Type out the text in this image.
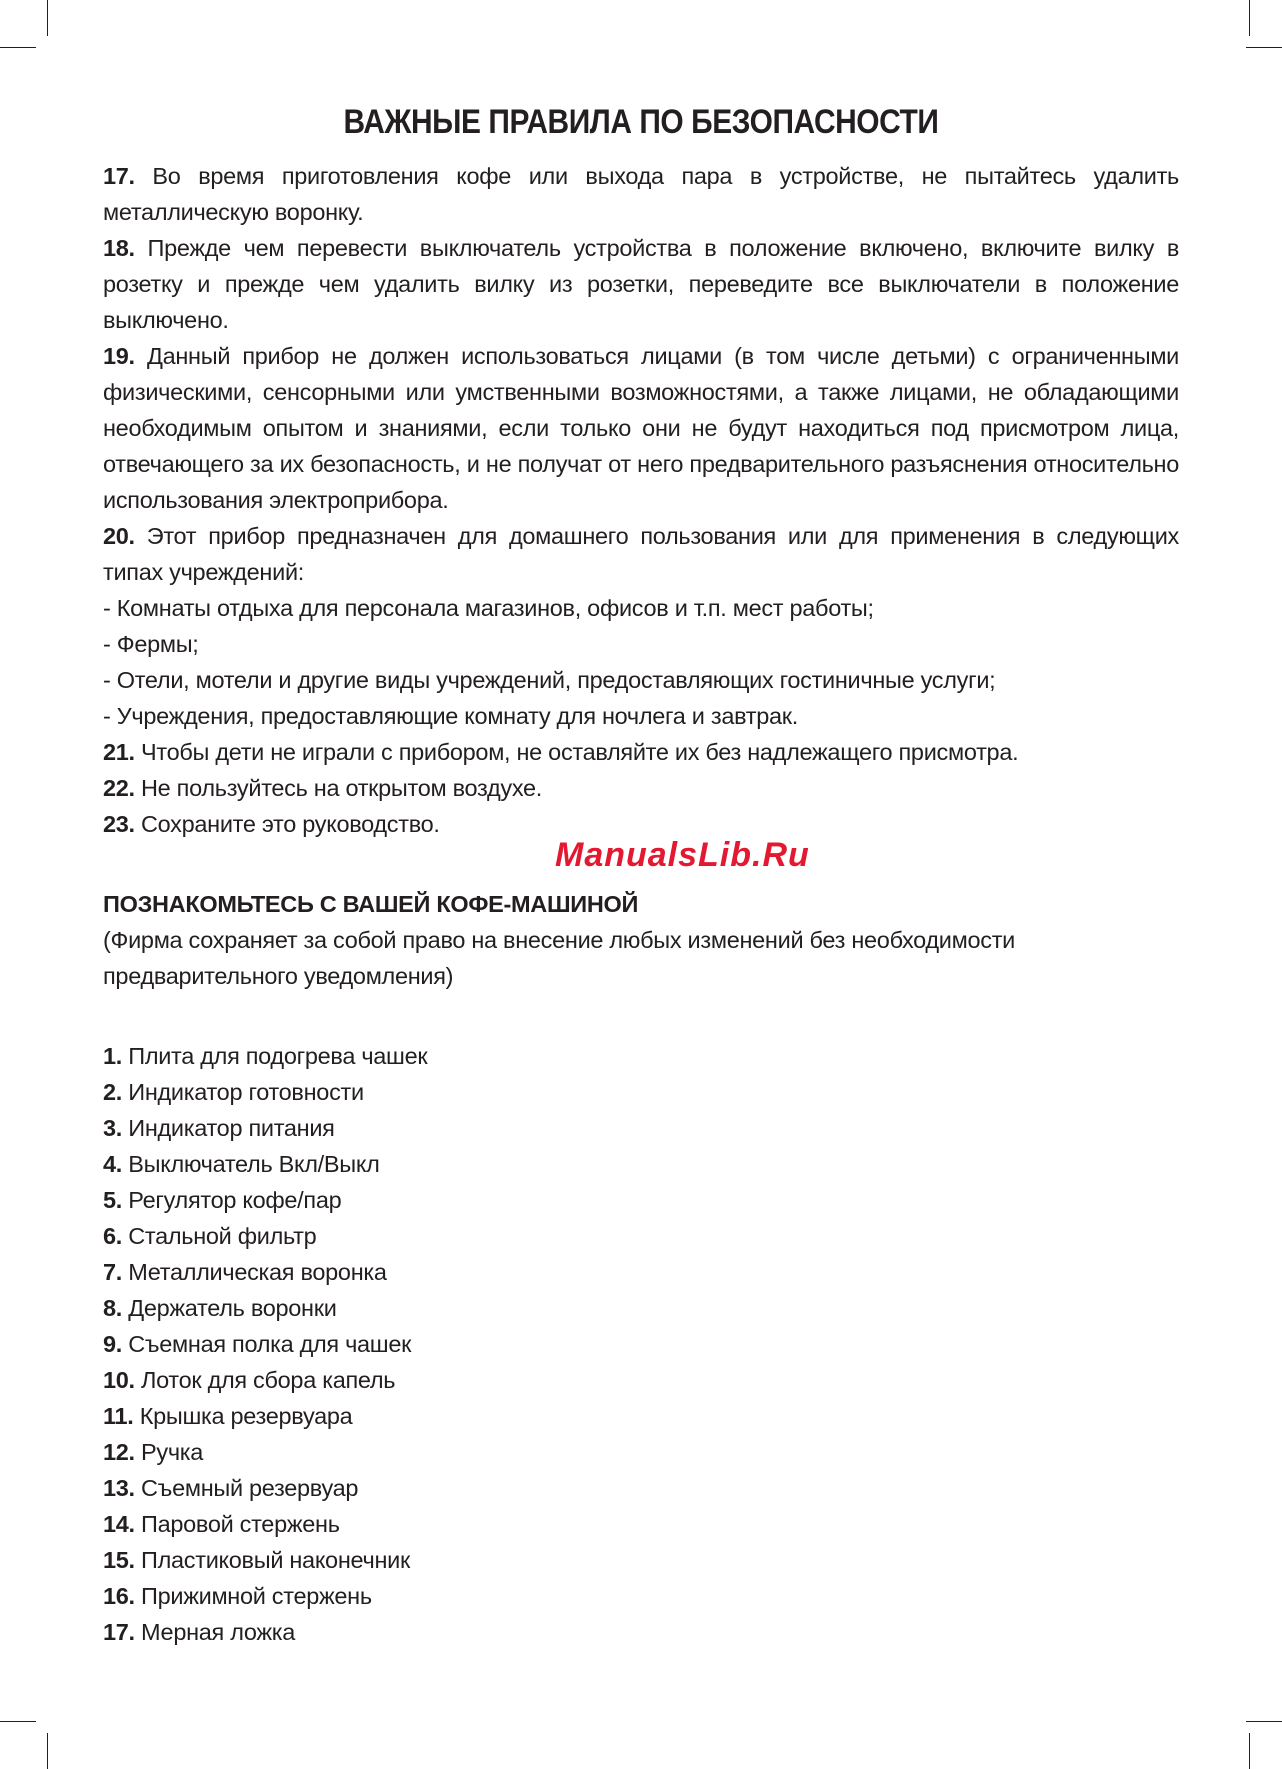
ВАЖНЫЕ ПРАВИЛА ПО БЕЗОПАСНОСТИ

17. Во время приготовления кофе или выхода пара в устройстве, не пытайтесь удалить металлическую воронку.

18. Прежде чем перевести выключатель устройства в положение включено, включите вилку в розетку и прежде чем удалить вилку из розетки, переведите все выключатели в положение выключено.

19. Данный прибор не должен использоваться лицами (в том числе детьми) с ограниченными физическими, сенсорными или умственными возможностями, а также лицами, не обладающими необходимым опытом и знаниями, если только они не будут находиться под присмотром лица, отвечающего за их безопасность, и не получат от него предварительного разъяснения относительно использования электроприбора.

20. Этот прибор предназначен для домашнего пользования или для применения в следующих типах учреждений:

- Комнаты отдыха для персонала магазинов, офисов и т.п. мест работы;

- Фермы;

- Отели, мотели и другие виды учреждений, предоставляющих гостиничные услуги;

- Учреждения, предоставляющие комнату для ночлега и завтрак.

21. Чтобы дети не играли с прибором, не оставляйте их без надлежащего присмотра.

22. Не пользуйтесь на открытом воздухе.

23. Сохраните это руководство.

ПОЗНАКОМЬТЕСЬ С ВАШЕЙ КОФЕ-МАШИНОЙ
(Фирма сохраняет за собой право на внесение любых изменений без необходимости предварительного уведомления)

1. Плита для подогрева чашек

2. Индикатор готовности

3. Индикатор питания

4. Выключатель Вкл/Выкл

5. Регулятор кофе/пар

6. Стальной фильтр

7. Металлическая воронка

8. Держатель воронки

9. Съемная полка для чашек

10. Лоток для сбора капель

11. Крышка резервуара

12. Ручка

13. Съемный резервуар

14. Паровой стержень

15. Пластиковый наконечник

16. Прижимной стержень

17. Мерная ложка

ManualsLib.Ru
